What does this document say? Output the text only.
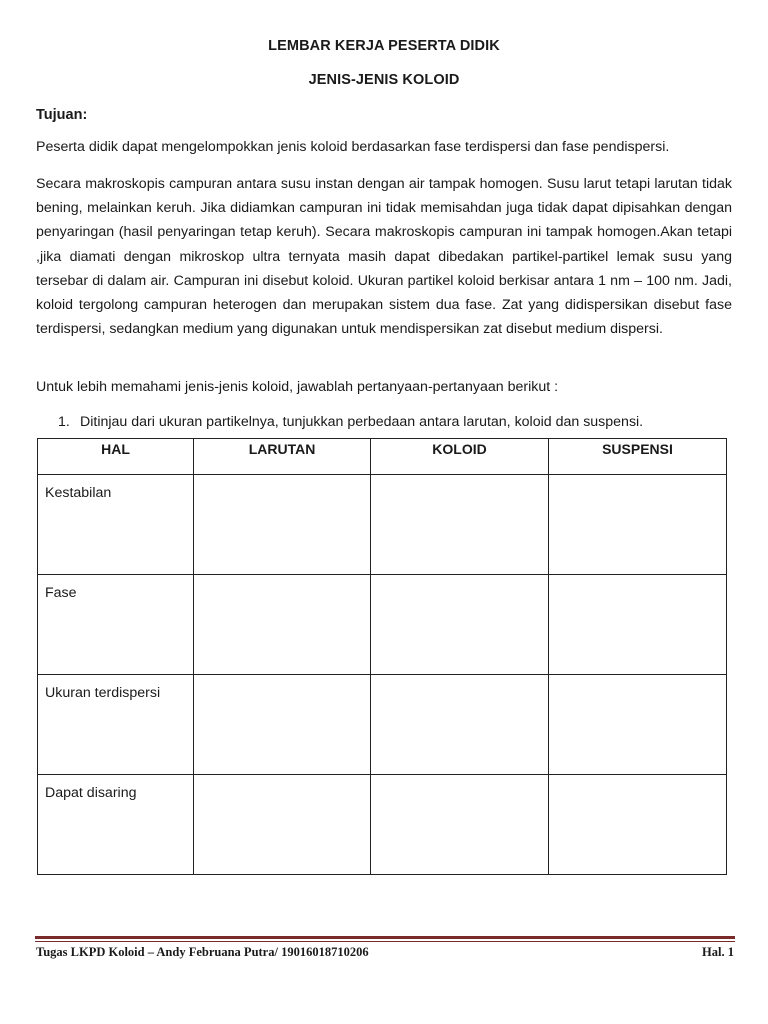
LEMBAR KERJA PESERTA DIDIK
JENIS-JENIS KOLOID
Tujuan:
Peserta didik dapat mengelompokkan jenis koloid berdasarkan fase terdispersi dan fase pendispersi.
Secara makroskopis campuran antara susu instan dengan air tampak homogen. Susu larut tetapi larutan tidak bening, melainkan keruh. Jika didiamkan campuran ini tidak memisahdan juga tidak dapat dipisahkan dengan penyaringan (hasil penyaringan tetap keruh). Secara makroskopis campuran ini tampak homogen.Akan tetapi ,jika diamati dengan mikroskop ultra ternyata masih dapat dibedakan partikel-partikel lemak susu yang tersebar di dalam air. Campuran ini disebut koloid. Ukuran partikel koloid berkisar antara 1 nm – 100 nm. Jadi, koloid tergolong campuran heterogen dan merupakan sistem dua fase. Zat yang didispersikan disebut fase terdispersi, sedangkan medium yang digunakan untuk mendispersikan zat disebut medium dispersi.
Untuk lebih memahami jenis-jenis koloid, jawablah pertanyaan-pertanyaan berikut :
1. Ditinjau dari ukuran partikelnya, tunjukkan perbedaan antara larutan, koloid dan suspensi.
HAL	LARUTAN	KOLOID	SUSPENSI
Kestabilan			
Fase			
Ukuran terdispersi			
Dapat disaring			
Tugas LKPD Koloid – Andy Februana Putra/ 19016018710206	Hal. 1
